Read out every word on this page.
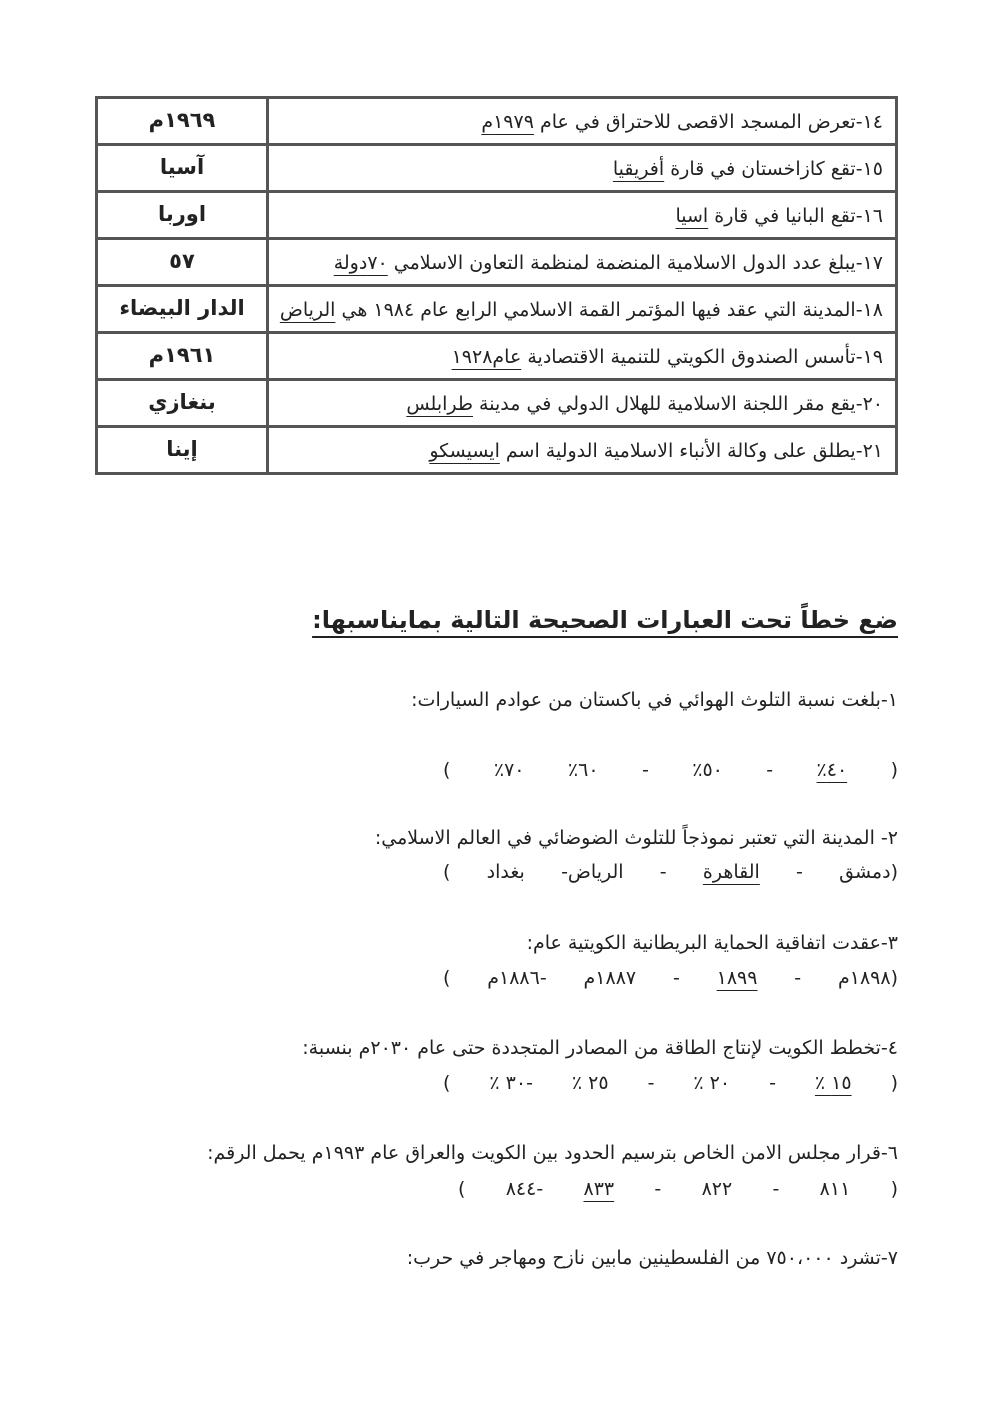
١٤-تعرض المسجد الاقصى للاحتراق في عام ١٩٧٩م	١٩٦٩م
١٥-تقع كازاخستان في قارة أفريقيا	آسيا
١٦-تقع البانيا في قارة اسيا	اوربا
١٧-يبلغ عدد الدول الاسلامية المنضمة لمنظمة التعاون الاسلامي ٧٠دولة	٥٧
١٨-المدينة التي عقد فيها المؤتمر القمة الاسلامي الرابع عام ١٩٨٤ هي الرياض	الدار البيضاء
١٩-تأسس الصندوق الكويتي للتنمية الاقتصادية عام١٩٢٨	١٩٦١م
٢٠-يقع مقر اللجنة الاسلامية للهلال الدولي في مدينة طرابلس	بنغازي
٢١-يطلق على وكالة الأنباء الاسلامية الدولية اسم ايسيسكو	إينا
ضع خطاً تحت العبارات الصحيحة التالية بمايناسبها:
١-بلغت نسبة التلوث الهوائي في باكستان من عوادم السيارات:
(
٤٠٪
-
٥٠٪
-
٦٠٪
٧٠٪
)
٢- المدينة التي تعتبر نموذجاً للتلوث الضوضائي في العالم الاسلامي:
(دمشق
-
القاهرة
-
الرياض-
بغداد
)
٣-عقدت اتفاقية الحماية البريطانية الكويتية عام:
(١٨٩٨م
-
١٨٩٩
-
١٨٨٧م
-١٨٨٦م
)
٤-تخطط الكويت لإنتاج الطاقة من المصادر المتجددة حتى عام ٢٠٣٠م بنسبة:
(
١٥ ٪
-
٢٠ ٪
-
٢٥ ٪
-٣٠ ٪
)
٦-قرار مجلس الامن الخاص بترسيم الحدود بين الكويت والعراق عام ١٩٩٣م يحمل الرقم:
(
٨١١
-
٨٢٢
-
٨٣٣
-٨٤٤
)
٧-تشرد ٧٥٠،٠٠٠ من الفلسطينين مابين نازح ومهاجر في حرب:
